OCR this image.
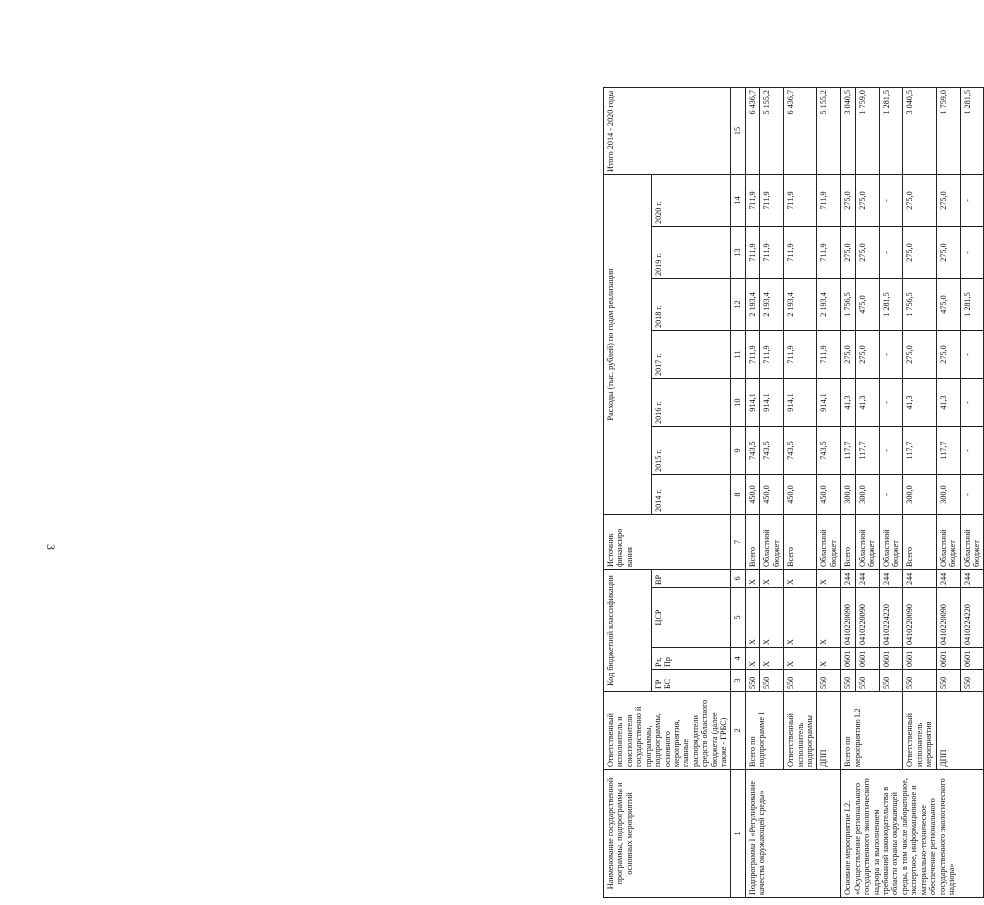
3
Наименование государственной программы, подпрограммы и основных мероприятий	Ответственный исполнитель и соисполнители государственно й программы, подпрограммы, основного мероприятия, главные распорядители средств областного бюджета (далее также - ГРБС)	Код бюджетной классификации				Источник финансиро вания	Расходы (тыс. рублей) по годам реализации							Итого 2014 - 2020 годы
		ГР БС	Рз, Пр	ЦСР	ВР		2014 г.	2015 г.	2016 г.	2017 г.	2018 г.	2019 г.	2020 г.	
1	2	3	4	5	6	7	8	9	10	11	12	13	14	15
Подпрограмма I «Регулирование качества окружающей среды»	Всего по подпрограмме I	550	X	X	X	Всего	450,0	743,5	914,1	711,9	2 193,4	711,9	711,9	6 436,7
		550	X	X	X	Областной бюджет	450,0	743,5	914,1	711,9	2 193,4	711,9	711,9	5 155,2
	Ответственный исполнитель подпрограммы	550	X	X	X	Всего	450,0	743,5	914,1	711,9	2 193,4	711,9	711,9	6 436,7
	ДПП	550	X	X	X	Областной бюджет	450,0	743,5	914,1	711,9	2 193,4	711,9	711,9	5 155,2
Основное мероприятие I.2. «Осуществление регионального государственного экологического надзора за выполнением требований законодательства в области охраны окружающей среды, в том числе лабораторное, экспертное, информационное и материально-техническое обеспечение регионального государственного экологического надзора»	Всего по мероприятию I.2	550	0601	0410220090	244	Всего	300,0	117,7	41,3	275,0	1 756,5	275,0	275,0	3 040,5
		550	0601	0410220090	244	Областной бюджет	300,0	117,7	41,3	275,0	475,0	275,0	275,0	1 759,0
		550	0601	0410224220	244	Областной бюджет	-	-	-	-	1 281,5	-	-	1 281,5
	Ответственный исполнитель мероприятия	550	0601	0410220090	244	Всего	300,0	117,7	41,3	275,0	1 756,5	275,0	275,0	3 040,5
	ДПП	550	0601	0410220090	244	Областной бюджет	300,0	117,7	41,3	275,0	475,0	275,0	275,0	1 759,0
		550	0601	0410224220	244	Областной бюджет	-	-	-	-	1 281,5	-	-	1 281,5
